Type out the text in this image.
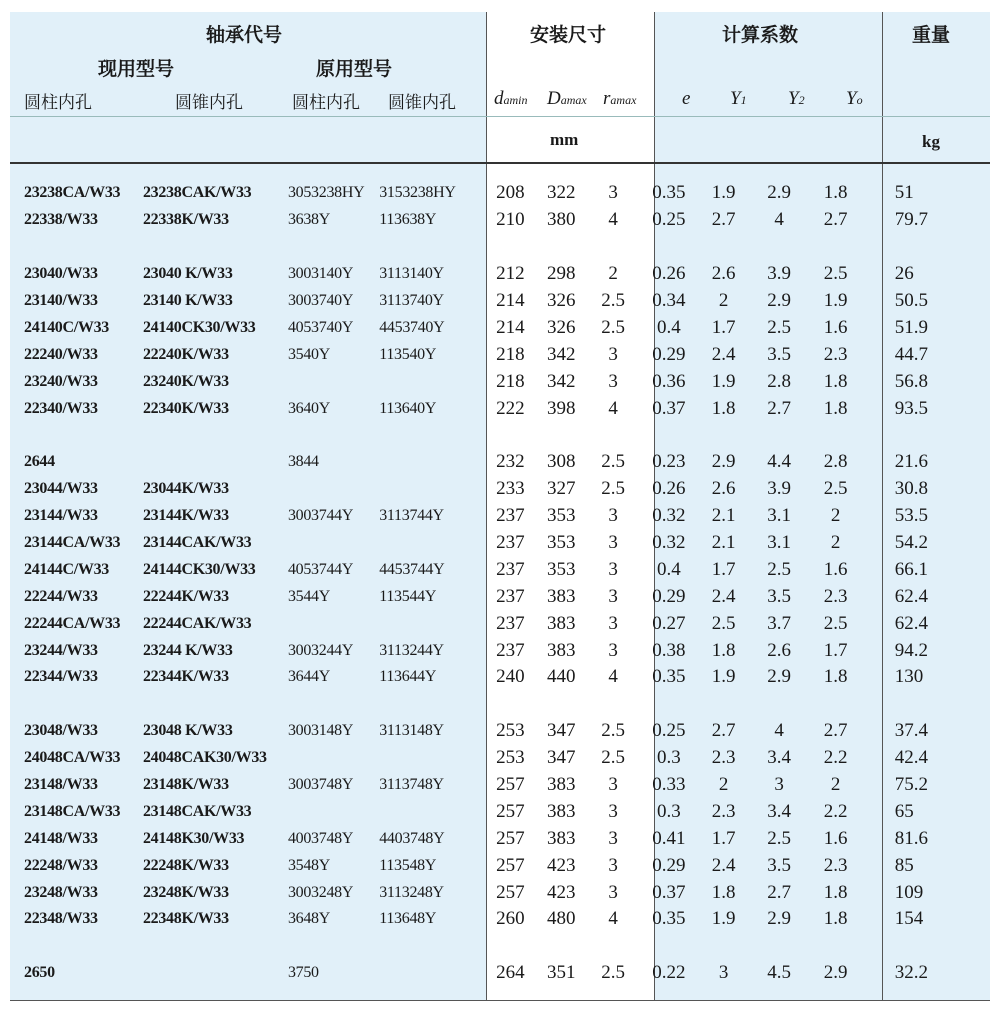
轴承代号
现用型号	原用型号
圆柱内孔	圆锥内孔	圆柱内孔 圆锥内孔
安装尺寸	计算系数	重量
damin Damax ramax e Y1 Y2 Yo
mm	kg
23238CA/W33	23238CAK/W33	3053238HY	3153238HY	208	322	3	0.35	1.9	2.9	1.8	51
22338/W33	22338K/W33	3638Y	113638Y	210	380	4	0.25	2.7	4	2.7	79.7

23040/W33	23040 K/W33	3003140Y	3113140Y	212	298	2	0.26	2.6	3.9	2.5	26
23140/W33	23140 K/W33	3003740Y	3113740Y	214	326	2.5	0.34	2	2.9	1.9	50.5
24140C/W33	24140CK30/W33	4053740Y	4453740Y	214	326	2.5	0.4	1.7	2.5	1.6	51.9
22240/W33	22240K/W33	3540Y	113540Y	218	342	3	0.29	2.4	3.5	2.3	44.7
23240/W33	23240K/W33			218	342	3	0.36	1.9	2.8	1.8	56.8
22340/W33	22340K/W33	3640Y	113640Y	222	398	4	0.37	1.8	2.7	1.8	93.5

2644		3844		232	308	2.5	0.23	2.9	4.4	2.8	21.6
23044/W33	23044K/W33			233	327	2.5	0.26	2.6	3.9	2.5	30.8
23144/W33	23144K/W33	3003744Y	3113744Y	237	353	3	0.32	2.1	3.1	2	53.5
23144CA/W33	23144CAK/W33			237	353	3	0.32	2.1	3.1	2	54.2
24144C/W33	24144CK30/W33	4053744Y	4453744Y	237	353	3	0.4	1.7	2.5	1.6	66.1
22244/W33	22244K/W33	3544Y	113544Y	237	383	3	0.29	2.4	3.5	2.3	62.4
22244CA/W33	22244CAK/W33			237	383	3	0.27	2.5	3.7	2.5	62.4
23244/W33	23244 K/W33	3003244Y	3113244Y	237	383	3	0.38	1.8	2.6	1.7	94.2
22344/W33	22344K/W33	3644Y	113644Y	240	440	4	0.35	1.9	2.9	1.8	130

23048/W33	23048 K/W33	3003148Y	3113148Y	253	347	2.5	0.25	2.7	4	2.7	37.4
24048CA/W33	24048CAK30/W33			253	347	2.5	0.3	2.3	3.4	2.2	42.4
23148/W33	23148K/W33	3003748Y	3113748Y	257	383	3	0.33	2	3	2	75.2
23148CA/W33	23148CAK/W33			257	383	3	0.3	2.3	3.4	2.2	65
24148/W33	24148K30/W33	4003748Y	4403748Y	257	383	3	0.41	1.7	2.5	1.6	81.6
22248/W33	22248K/W33	3548Y	113548Y	257	423	3	0.29	2.4	3.5	2.3	85
23248/W33	23248K/W33	3003248Y	3113248Y	257	423	3	0.37	1.8	2.7	1.8	109
22348/W33	22348K/W33	3648Y	113648Y	260	480	4	0.35	1.9	2.9	1.8	154

2650		3750		264	351	2.5	0.22	3	4.5	2.9	32.2
